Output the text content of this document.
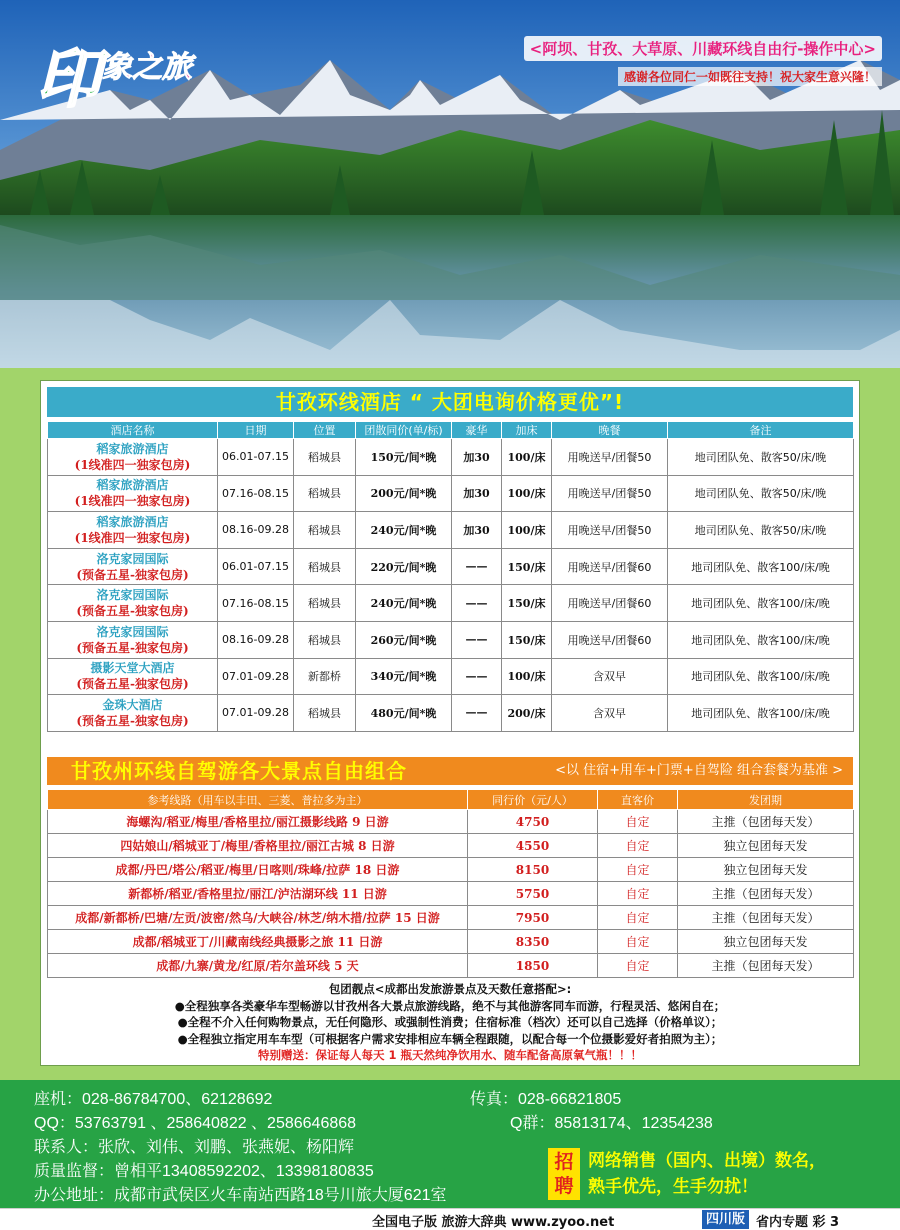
印 象之旅
<阿坝、甘孜、大草原、川藏环线自由行-操作中心>
感谢各位同仁一如既往支持！祝大家生意兴隆！
甘孜环线酒店 “ 大团电询价格更优”!
酒店名称	日期	位置	团散同价(单/标)	豪华	加床	晚餐	备注

稻家旅游酒店
(1线准四一独家包房)	06.01-07.15	稻城县	150元/间*晚	加30	100/床	用晚送早/团餐50	地司团队免、散客50/床/晚

稻家旅游酒店
(1线准四一独家包房)	07.16-08.15	稻城县	200元/间*晚	加30	100/床	用晚送早/团餐50	地司团队免、散客50/床/晚

稻家旅游酒店
(1线准四一独家包房)	08.16-09.28	稻城县	240元/间*晚	加30	100/床	用晚送早/团餐50	地司团队免、散客50/床/晚

洛克家园国际
(预备五星-独家包房)	06.01-07.15	稻城县	220元/间*晚	——	150/床	用晚送早/团餐60	地司团队免、散客100/床/晚

洛克家园国际
(预备五星-独家包房)	07.16-08.15	稻城县	240元/间*晚	——	150/床	用晚送早/团餐60	地司团队免、散客100/床/晚

洛克家园国际
(预备五星-独家包房)	08.16-09.28	稻城县	260元/间*晚	——	150/床	用晚送早/团餐60	地司团队免、散客100/床/晚

摄影天堂大酒店
(预备五星-独家包房)	07.01-09.28	新都桥	340元/间*晚	——	100/床	含双早	地司团队免、散客100/床/晚

金珠大酒店
(预备五星-独家包房)	07.01-09.28	稻城县	480元/间*晚	——	200/床	含双早	地司团队免、散客100/床/晚
甘孜州环线自驾游各大景点自由组合	<以 住宿+用车+门票+自驾险 组合套餐为基准 >
参考线路（用车以丰田、三菱、普拉多为主）	同行价（元/人）	直客价	发团期
海螺沟/稻亚/梅里/香格里拉/丽江摄影线路 9 日游	4750	自定	主推（包团每天发）
四姑娘山/稻城亚丁/梅里/香格里拉/丽江古城 8 日游	4550	自定	独立包团每天发
成都/丹巴/塔公/稻亚/梅里/日喀则/珠峰/拉萨 18 日游	8150	自定	独立包团每天发
新都桥/稻亚/香格里拉/丽江/泸沽湖环线 11 日游	5750	自定	主推（包团每天发）
成都/新都桥/巴塘/左贡/波密/然乌/大峡谷/林芝/纳木措/拉萨 15 日游	7950	自定	主推（包团每天发）
成都/稻城亚丁/川藏南线经典摄影之旅 11 日游	8350	自定	独立包团每天发
成都/九寨/黄龙/红原/若尔盖环线 5 天	1850	自定	主推（包团每天发）
包团靓点<成都出发旅游景点及天数任意搭配>:
●全程独享各类豪华车型畅游以甘孜州各大景点旅游线路，绝不与其他游客同车而游，行程灵活、悠闲自在；
●全程不介入任何购物景点，无任何隐形、或强制性消费；住宿标准（档次）还可以自己选择（价格单议）；
●全程独立指定用车车型（可根据客户需求安排相应车辆全程跟随，以配合每一个位摄影爱好者拍照为主）；
特别赠送：保证每人每天 1 瓶天然纯净饮用水、随车配备高原氧气瓶！！！
座机：028-86784700、62128692	传真：028-66821805
QQ：53763791 、258640822 、2586646868	Q群：85813174、12354238
联系人：张欣、刘伟、刘鹏、张燕妮、杨阳辉
质量监督：曾相平13408592202、13398180835
办公地址：成都市武侯区火车南站西路18号川旅大厦621室
招聘
网络销售（国内、出境）数名，
熟手优先，生手勿扰！
全国电子版 旅游大辞典 www.zyoo.net	四川版 省内专题 彩 3
